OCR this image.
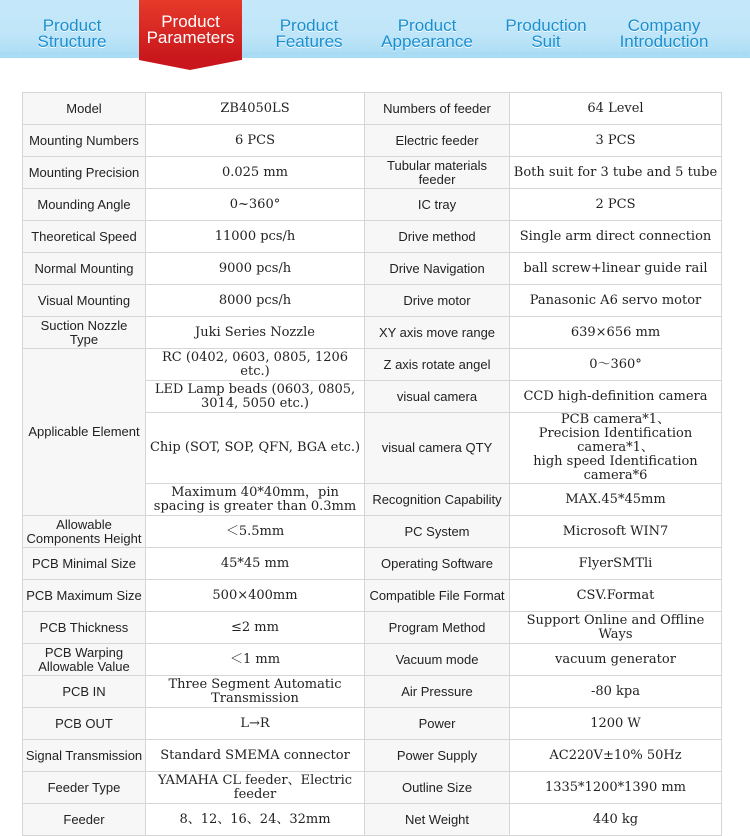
Product
Structure
Product
Parameters
Product
Features
Product
Appearance
Production
Suit
Company
Introduction
Model	ZB4050LS	Numbers of feeder	64 Level
Mounting Numbers	6 PCS	Electric feeder	3 PCS
Mounting Precision	0.025 mm	Tubular materials feeder	Both suit for 3 tube and 5 tube
Mounding Angle	0~360°	IC tray	2 PCS
Theoretical Speed	11000 pcs/h	Drive method	Single arm direct connection
Normal Mounting	9000 pcs/h	Drive Navigation	ball screw+linear guide rail
Visual Mounting	8000 pcs/h	Drive motor	Panasonic A6 servo motor
Suction Nozzle Type	Juki Series Nozzle	XY axis move range	639×656 mm
Applicable Element	RC (0402, 0603, 0805, 1206 etc.)	Z axis rotate angel	0～360°
	LED Lamp beads (0603, 0805, 3014, 5050 etc.)	visual camera	CCD high-definition camera
	Chip (SOT, SOP, QFN, BGA etc.)	visual camera QTY	PCB camera*1、
Precision Identification camera*1、
high speed Identification camera*6
	Maximum 40*40mm，pin spacing is greater than 0.3mm	Recognition Capability	MAX.45*45mm
Allowable Components Height	＜5.5mm	PC System	Microsoft WIN7
PCB Minimal Size	45*45 mm	Operating Software	FlyerSMTli
PCB Maximum Size	500×400mm	Compatible File Format	CSV.Format
PCB Thickness	≤2 mm	Program Method	Support Online and Offline Ways
PCB Warping Allowable Value	＜1 mm	Vacuum mode	vacuum generator
PCB IN	Three Segment Automatic Transmission	Air Pressure	-80 kpa
PCB OUT	L→R	Power	1200 W
Signal Transmission	Standard SMEMA connector	Power Supply	AC220V±10% 50Hz
Feeder Type	YAMAHA CL feeder、Electric feeder	Outline Size	1335*1200*1390 mm
Feeder	8、12、16、24、32mm	Net Weight	440 kg
